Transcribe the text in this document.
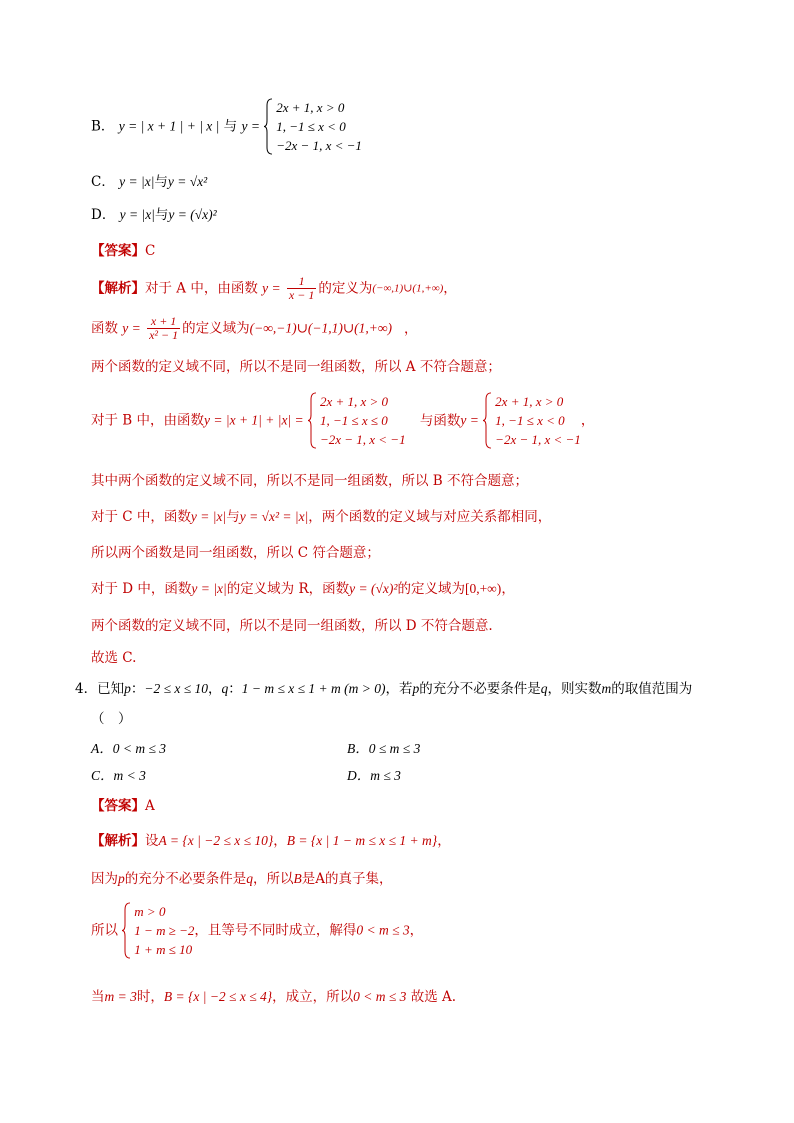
B． y = | x + 1 | + | x | 与 y =
2x + 1, x > 0
1, −1 ≤ x < 0
−2x − 1, x < −1
C． y = |x|与y = √x²
D． y = |x|与y = (√x)²
【答案】C
【解析】对于 A 中，由函数 $y = \frac{1}{x - 1}$ 的定义为(−∞,1)∪(1,+∞)，
函数 $y = \frac{x + 1}{\text{x² − 1}}$ 的定义域为(−∞,−1)∪(−1,1)∪(1,+∞) ，
两个函数的定义域不同，所以不是同一组函数，所以 A 不符合题意；
对于 B 中，由函数y = |x + 1| + |x| =
2x + 1, x > 0
1, −1 ≤ x ≤ 0
−2x − 1, x < −1
与函数y =
2x + 1, x > 0
1, −1 ≤ x < 0
−2x − 1, x < −1
，
其中两个函数的定义域不同，所以不是同一组函数，所以 B 不符合题意；
对于 C 中，函数y = |x|与y = √x² = |x|，两个函数的定义域与对应关系都相同，
所以两个函数是同一组函数，所以 C 符合题意；
对于 D 中，函数y = |x|的定义域为 R，函数y = (√x)²的定义域为[0,+∞)，
两个函数的定义域不同，所以不是同一组函数，所以 D 不符合题意.
故选 C.
4．已知p：−2 ≤ x ≤ 10，q：1 − m ≤ x ≤ 1 + m (m > 0)，若p的充分不必要条件是q，则实数m的取值范围为
（　）
A．0 < m ≤ 3	B．0 ≤ m ≤ 3
C．m < 3	D．m ≤ 3
【答案】A
【解析】设A = {x | −2 ≤ x ≤ 10}，B = {x | 1 − m ≤ x ≤ 1 + m}，
因为p的充分不必要条件是q，所以B是A的真子集，
所以
m > 0
1 − m ≥ −2
1 + m ≤ 10
，且等号不同时成立，解得0 < m ≤ 3，
当m = 3时，B = {x | −2 ≤ x ≤ 4}，成立，所以0 < m ≤ 3 故选 A.
